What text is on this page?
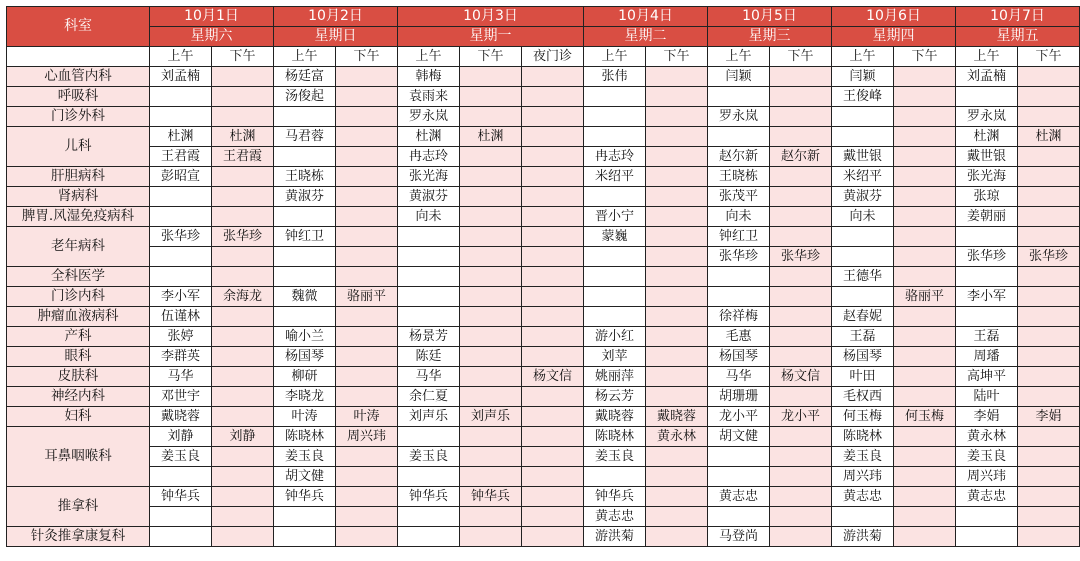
科室	10月1日		10月2日		10月3日			10月4日		10月5日		10月6日		10月7日	
	星期六		星期日		星期一			星期二		星期三		星期四		星期五	
	上午	下午	上午	下午	上午	下午	夜门诊	上午	下午	上午	下午	上午	下午	上午	下午
心血管内科	刘孟楠		杨廷富		韩梅			张伟		闫颖		闫颖		刘孟楠	
呼吸科			汤俊起		袁雨来							王俊峰			
门诊外科					罗永岚					罗永岚				罗永岚	
儿科	杜渊	杜渊	马君蓉		杜渊	杜渊								杜渊	杜渊
	王君霞	王君霞			冉志玲			冉志玲		赵尔新	赵尔新	戴世银		戴世银	
肝胆病科	彭昭宣		王晓栋		张光海			米绍平		王晓栋		米绍平		张光海	
肾病科			黄淑芬		黄淑芬					张茂平		黄淑芬		张琼	
脾胃.风湿免疫病科					向未			晋小宁		向未		向未		姜朝丽	
老年病科	张华珍	张华珍	钟红卫					蒙巍		钟红卫					
										张华珍	张华珍			张华珍	张华珍
全科医学												王德华			
门诊内科	李小军	余海龙	魏微	骆丽平									骆丽平	李小军	
肿瘤血液病科	伍谨林									徐祥梅		赵春妮			
产科	张婷		喻小兰		杨景芳			游小红		毛惠		王磊		王磊	
眼科	李群英		杨国琴		陈廷			刘苹		杨国琴		杨国琴		周璠	
皮肤科	马华		柳研		马华		杨文信	姚丽萍		马华	杨文信	叶田		高坤平	
神经内科	邓世宇		李晓龙		余仁夏			杨云芳		胡珊珊		毛权西		陆叶	
妇科	戴晓蓉		叶涛	叶涛	刘声乐	刘声乐		戴晓蓉	戴晓蓉	龙小平	龙小平	何玉梅	何玉梅	李娟	李娟
耳鼻咽喉科	刘静	刘静	陈晓林	周兴玮				陈晓林	黄永林	胡文健		陈晓林		黄永林	
	姜玉良		姜玉良		姜玉良			姜玉良				姜玉良		姜玉良	
			胡文健									周兴玮		周兴玮	
推拿科	钟华兵		钟华兵		钟华兵	钟华兵		钟华兵		黄志忠		黄志忠		黄志忠	
								黄志忠							
针灸推拿康复科								游洪菊		马登尚		游洪菊			
